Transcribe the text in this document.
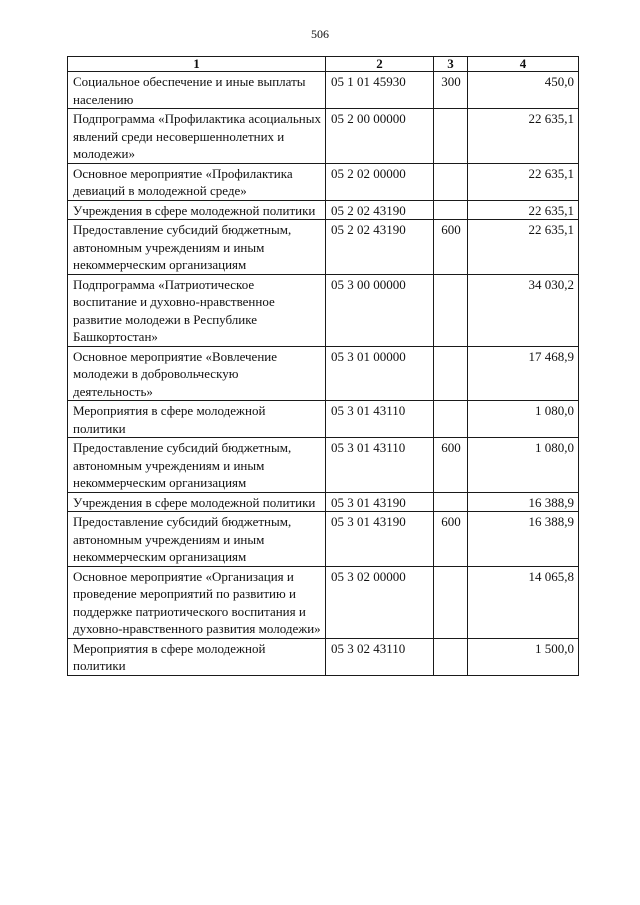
506
1	2	3	4
Социальное обеспечение и иные выплаты населению	05 1 01 45930	300	450,0
Подпрограмма «Профилактика асоциальных явлений среди несовершеннолетних и молодежи»	05 2 00 00000		22 635,1
Основное мероприятие «Профилактика девиаций в молодежной среде»	05 2 02 00000		22 635,1
Учреждения в сфере молодежной политики	05 2 02 43190		22 635,1
Предоставление субсидий бюджетным, автономным учреждениям и иным некоммерческим организациям	05 2 02 43190	600	22 635,1
Подпрограмма «Патриотическое воспитание и духовно-нравственное развитие молодежи в Республике Башкортостан»	05 3 00 00000		34 030,2
Основное мероприятие «Вовлечение молодежи в добровольческую деятельность»	05 3 01 00000		17 468,9
Мероприятия в сфере молодежной политики	05 3 01 43110		1 080,0
Предоставление субсидий бюджетным, автономным учреждениям и иным некоммерческим организациям	05 3 01 43110	600	1 080,0
Учреждения в сфере молодежной политики	05 3 01 43190		16 388,9
Предоставление субсидий бюджетным, автономным учреждениям и иным некоммерческим организациям	05 3 01 43190	600	16 388,9
Основное мероприятие «Организация и проведение мероприятий по развитию и поддержке патриотического воспитания и духовно-нравственного развития молодежи»	05 3 02 00000		14 065,8
Мероприятия в сфере молодежной политики	05 3 02 43110		1 500,0
